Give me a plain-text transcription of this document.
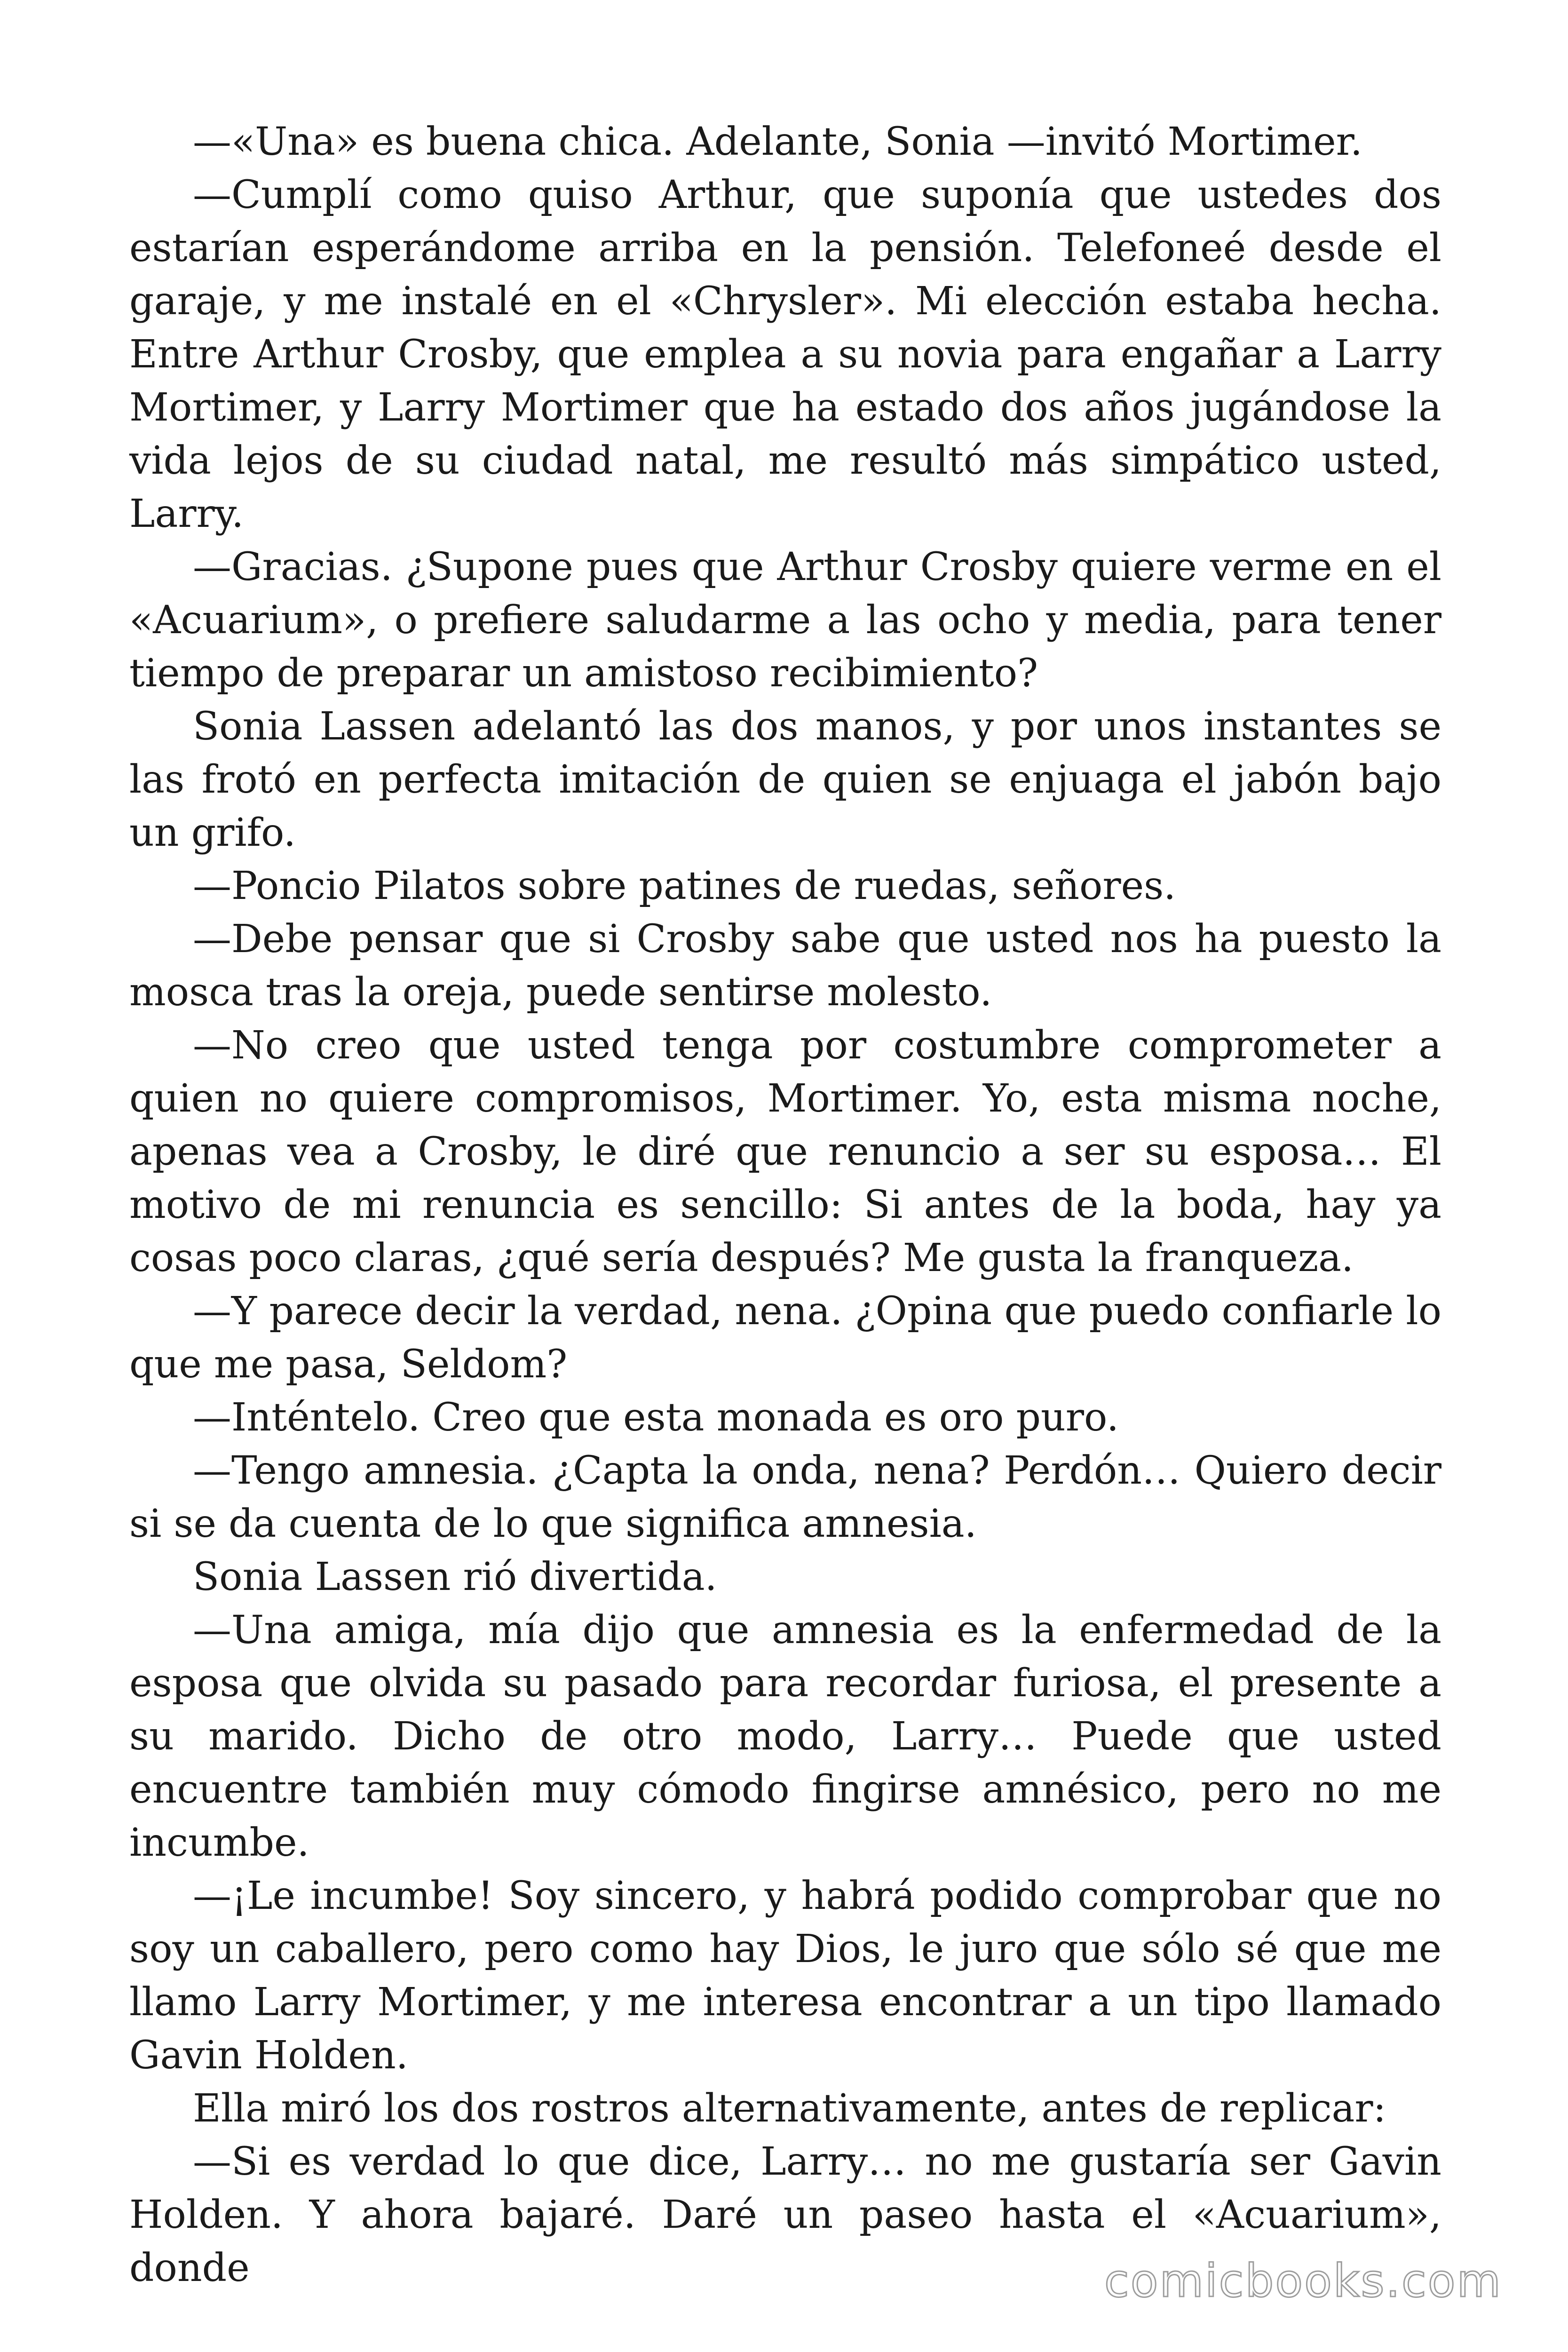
—«Una» es buena chica. Adelante, Sonia —invitó Mortimer.

—Cumplí como quiso Arthur, que suponía que ustedes dos estarían esperándome arriba en la pensión. Telefoneé desde el garaje, y me instalé en el «Chrysler». Mi elección estaba hecha. Entre Arthur Crosby, que emplea a su novia para engañar a Larry Mortimer, y Larry Mortimer que ha estado dos años jugándose la vida lejos de su ciudad natal, me resultó más simpático usted, Larry.

—Gracias. ¿Supone pues que Arthur Crosby quiere verme en el «Acuarium», o prefiere saludarme a las ocho y media, para tener tiempo de preparar un amistoso recibimiento?

Sonia Lassen adelantó las dos manos, y por unos instantes se las frotó en perfecta imitación de quien se enjuaga el jabón bajo un grifo.

—Poncio Pilatos sobre patines de ruedas, señores.

—Debe pensar que si Crosby sabe que usted nos ha puesto la mosca tras la oreja, puede sentirse molesto.

—No creo que usted tenga por costumbre comprometer a quien no quiere compromisos, Mortimer. Yo, esta misma noche, apenas vea a Crosby, le diré que renuncio a ser su esposa… El motivo de mi renuncia es sencillo: Si antes de la boda, hay ya cosas poco claras, ¿qué sería después? Me gusta la franqueza.

—Y parece decir la verdad, nena. ¿Opina que puedo confiarle lo que me pasa, Seldom?

—Inténtelo. Creo que esta monada es oro puro.

—Tengo amnesia. ¿Capta la onda, nena? Perdón… Quiero decir si se da cuenta de lo que significa amnesia.

Sonia Lassen rió divertida.

—Una amiga, mía dijo que amnesia es la enfermedad de la esposa que olvida su pasado para recordar furiosa, el presente a su marido. Dicho de otro modo, Larry… Puede que usted encuentre también muy cómodo fingirse amnésico, pero no me incumbe.

—¡Le incumbe! Soy sincero, y habrá podido comprobar que no soy un caballero, pero como hay Dios, le juro que sólo sé que me llamo Larry Mortimer, y me interesa encontrar a un tipo llamado Gavin Holden.

Ella miró los dos rostros alternativamente, antes de replicar:

—Si es verdad lo que dice, Larry… no me gustaría ser Gavin Holden. Y ahora bajaré. Daré un paseo hasta el «Acuarium», donde	comicbooks.com
